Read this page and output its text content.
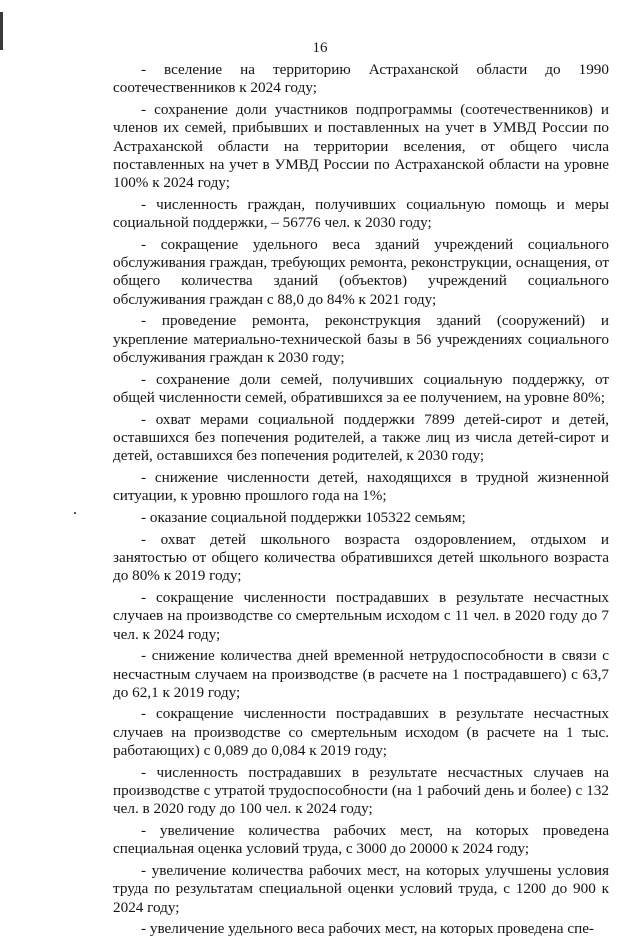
16

- вселение на территорию Астраханской области до 1990 соотечественников к 2024 году;

- сохранение доли участников подпрограммы (соотечественников) и членов их семей, прибывших и поставленных на учет в УМВД России по Астраханской области на территории вселения, от общего числа поставленных на учет в УМВД России по Астраханской области на уровне 100% к 2024 году;

- численность граждан, получивших социальную помощь и меры социальной поддержки, – 56776 чел. к 2030 году;

- сокращение удельного веса зданий учреждений социального обслуживания граждан, требующих ремонта, реконструкции, оснащения, от общего количества зданий (объектов) учреждений социального обслуживания граждан с 88,0 до 84% к 2021 году;

- проведение ремонта, реконструкция зданий (сооружений) и укрепление материально-технической базы в 56 учреждениях социального обслуживания граждан к 2030 году;

- сохранение доли семей, получивших социальную поддержку, от общей численности семей, обратившихся за ее получением, на уровне 80%;

- охват мерами социальной поддержки 7899 детей-сирот и детей, оставшихся без попечения родителей, а также лиц из числа детей-сирот и детей, оставшихся без попечения родителей, к 2030 году;

- снижение численности детей, находящихся в трудной жизненной ситуации, к уровню прошлого года на 1%;

- оказание социальной поддержки 105322 семьям;

- охват детей школьного возраста оздоровлением, отдыхом и занятостью от общего количества обратившихся детей школьного возраста до 80% к 2019 году;

- сокращение численности пострадавших в результате несчастных случаев на производстве со смертельным исходом с 11 чел. в 2020 году до 7 чел. к 2024 году;

- снижение количества дней временной нетрудоспособности в связи с несчастным случаем на производстве (в расчете на 1 пострадавшего) с 63,7 до 62,1 к 2019 году;

- сокращение численности пострадавших в результате несчастных случаев на производстве со смертельным исходом (в расчете на 1 тыс. работающих) с 0,089 до 0,084 к 2019 году;

- численность пострадавших в результате несчастных случаев на производстве с утратой трудоспособности (на 1 рабочий день и более) с 132 чел. в 2020 году до 100 чел. к 2024 году;

- увеличение количества рабочих мест, на которых проведена специальная оценка условий труда, с 3000 до 20000 к 2024 году;

- увеличение количества рабочих мест, на которых улучшены условия труда по результатам специальной оценки условий труда, с 1200 до 900 к 2024 году;

- увеличение удельного веса рабочих мест, на которых проведена спе-
